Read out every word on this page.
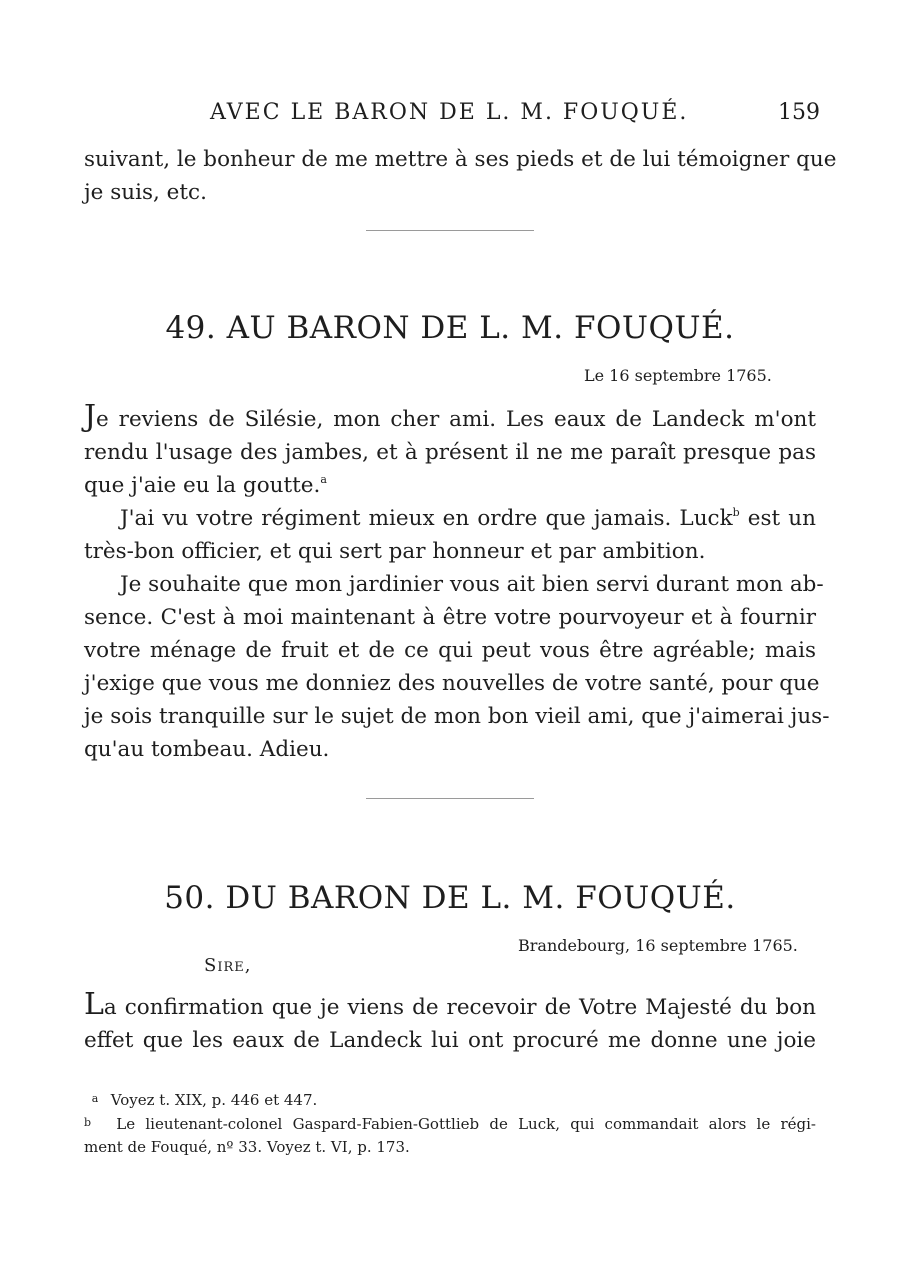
AVEC LE BARON DE L. M. FOUQUÉ.	159
suivant, le bonheur de me mettre à ses pieds et de lui témoigner que
je suis, etc.
49. AU BARON DE L. M. FOUQUÉ.
Le 16 septembre 1765.
Je reviens de Silésie, mon cher ami. Les eaux de Landeck m'ont
rendu l'usage des jambes, et à présent il ne me paraît presque pas
que j'aie eu la goutte.$^a$
J'ai vu votre régiment mieux en ordre que jamais. Luck$^b$ est un
très-bon officier, et qui sert par honneur et par ambition.
Je souhaite que mon jardinier vous ait bien servi durant mon ab-
sence. C'est à moi maintenant à être votre pourvoyeur et à fournir
votre ménage de fruit et de ce qui peut vous être agréable; mais
j'exige que vous me donniez des nouvelles de votre santé, pour que
je sois tranquille sur le sujet de mon bon vieil ami, que j'aimerai jus-
qu'au tombeau. Adieu.
50. DU BARON DE L. M. FOUQUÉ.
Brandebourg, 16 septembre 1765.
Sire,
La confirmation que je viens de recevoir de Votre Majesté du bon
effet que les eaux de Landeck lui ont procuré me donne une joie
a Voyez t. XIX, p. 446 et 447.
b Le lieutenant-colonel Gaspard-Fabien-Gottlieb de Luck, qui commandait alors le régi-
ment de Fouqué, nº 33. Voyez t. VI, p. 173.
